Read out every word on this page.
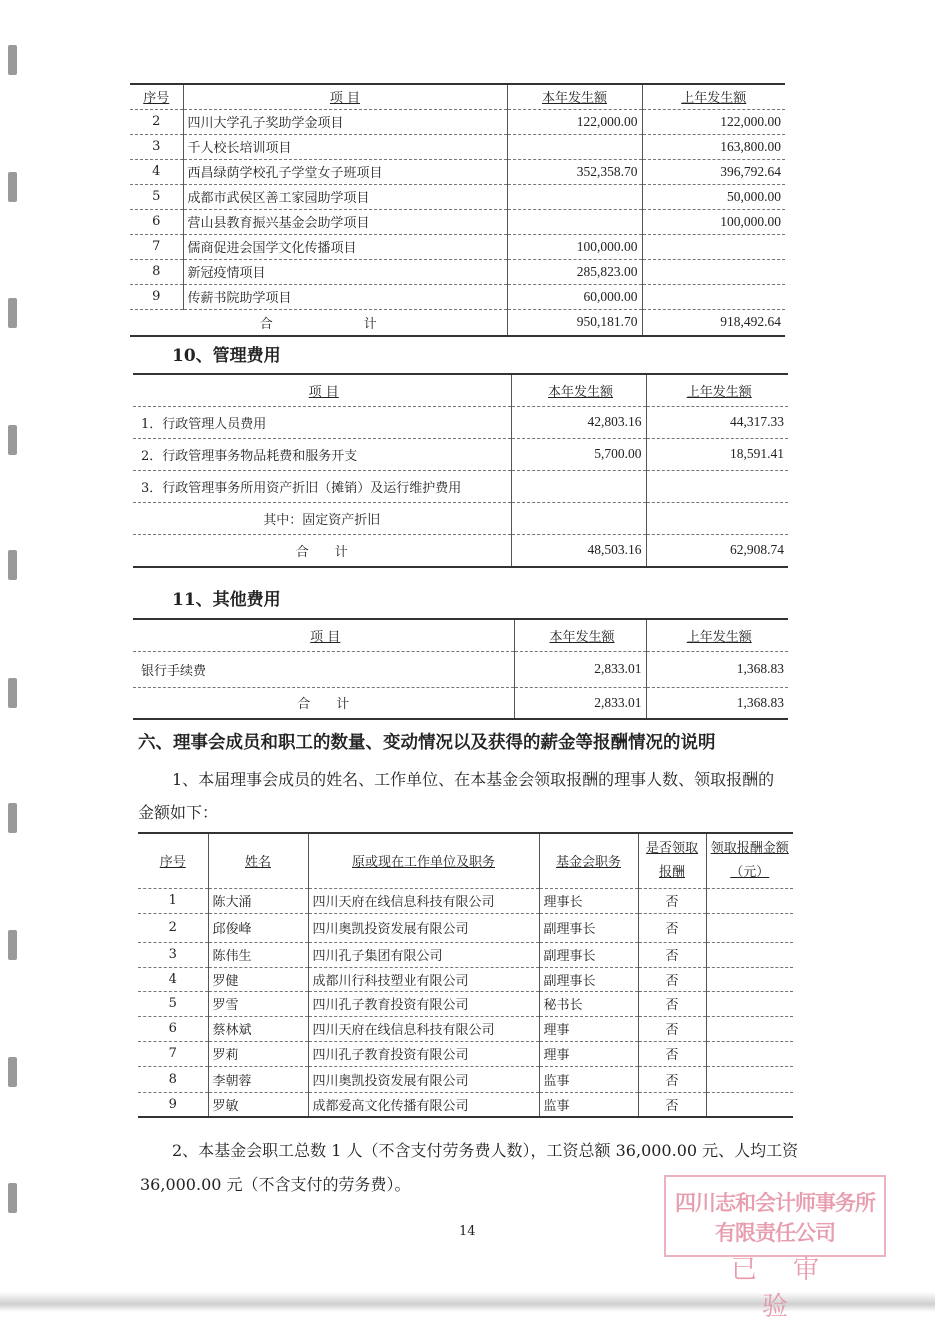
序号	项 目	本年发生额	上年发生额
2	四川大学孔子奖助学金项目	122,000.00	122,000.00
3	千人校长培训项目		163,800.00
4	西昌绿荫学校孔子学堂女子班项目	352,358.70	396,792.64
5	成都市武侯区善工家园助学项目		50,000.00
6	营山县教育振兴基金会助学项目		100,000.00
7	儒商促进会国学文化传播项目	100,000.00	
8	新冠疫情项目	285,823.00	
9	传薪书院助学项目	60,000.00	
合　　　　　　　计		950,181.70	918,492.64
10、管理费用
项 目	本年发生额	上年发生额
1．行政管理人员费用	42,803.16	44,317.33
2．行政管理事务物品耗费和服务开支	5,700.00	18,591.41
3．行政管理事务所用资产折旧（摊销）及运行维护费用		
其中：固定资产折旧		
合　　计	48,503.16	62,908.74
11、其他费用
项 目	本年发生额	上年发生额
银行手续费	2,833.01	1,368.83
合　　计	2,833.01	1,368.83
六、理事会成员和职工的数量、变动情况以及获得的薪金等报酬情况的说明
1、本届理事会成员的姓名、工作单位、在本基金会领取报酬的理事人数、领取报酬的
金额如下：
序号	姓名	原或现在工作单位及职务	基金会职务	是否领取报酬	领取报酬金额（元）
1	陈大涌	四川天府在线信息科技有限公司	理事长	否	
2	邱俊峰	四川奥凯投资发展有限公司	副理事长	否	
3	陈伟生	四川孔子集团有限公司	副理事长	否	
4	罗健	成都川行科技塑业有限公司	副理事长	否	
5	罗雪	四川孔子教育投资有限公司	秘书长	否	
6	蔡林斌	四川天府在线信息科技有限公司	理事	否	
7	罗莉	四川孔子教育投资有限公司	理事	否	
8	李朝蓉	四川奥凯投资发展有限公司	监事	否	
9	罗敏	成都爱高文化传播有限公司	监事	否	
2、本基金会职工总数 1 人（不含支付劳务费人数），工资总额 36,000.00 元、人均工资
36,000.00 元（不含支付的劳务费）。
14
四川志和会计师事务所有限责任公司
已审验
